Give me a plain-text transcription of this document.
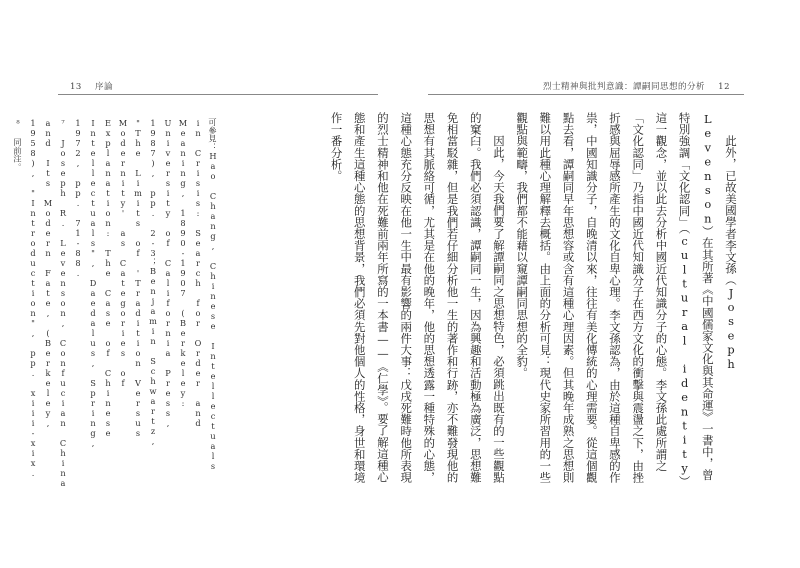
13 序論	烈士精神與批判意識：譚嗣同思想的分析 12

此外，已故美國學者李文孫（Joseph Levenson）在其所著《中國儒家文化與其命運》一書中，曾特別強調「文化認同」（cultural identity）這一觀念，並以此去分析中國近代知識分子的心態。李文孫此處所謂之「文化認同」乃指中國近代知識分子在西方文化的衝擊與震盪之下，由挫折感與屈辱感所產生的文化自卑心理。李文孫認為，由於這種自卑感的作祟，中國知識分子，自晚清以來，往往有美化傳統的心理需要。從這個觀點去看，譚嗣同早年思想容或含有這種心理因素。但其晚年成熟之思想則難以用此種心理解釋去概括。由上面的分析可見：現代史家所習用的一些觀點與範疇，我們都不能藉以窺譚嗣同思想的全豹。

因此，今天我們要了解譚嗣同之思想特色，必須跳出既有的一些觀點的窠臼。我們必須認識，譚嗣同一生，因為興趣和活動極為廣泛，思想難免相當駁雜，但是我們若仔細分析他一生的著作和行跡，亦不難發現他的思想有其脈絡可循，尤其是在他的晚年，他的思想透露一種特殊的心態，這種心態充分反映在他一生中最有影響的兩件大事：戊戌死難時他所表現的烈士精神和他在死難前兩年所寫的一本書——《仁學》。要了解這種心態和產生這種心態的思想背景，我們必須先對他個人的性格，身世和環境作一番分析。

可參見：Hao Chang, Chinese Intellectuals in Crisis: Search for Order and Meaning, 1890-1907 (Berkeley: University of California Press, 1987), pp. 2-3；Benjamin Schwartz, "The Limits of 'Tradition Versus Modernity' as Categories of Explanation: The Case of Chinese Intellectuals", Daedalus, Spring, 1972, pp. 71-88.

⁷ Joseph R. Levenson, Confucian China and Its Modern Fate, (Berkeley, 1958), "Introduction", pp. xiii-xix.

⁸ 同前注。
